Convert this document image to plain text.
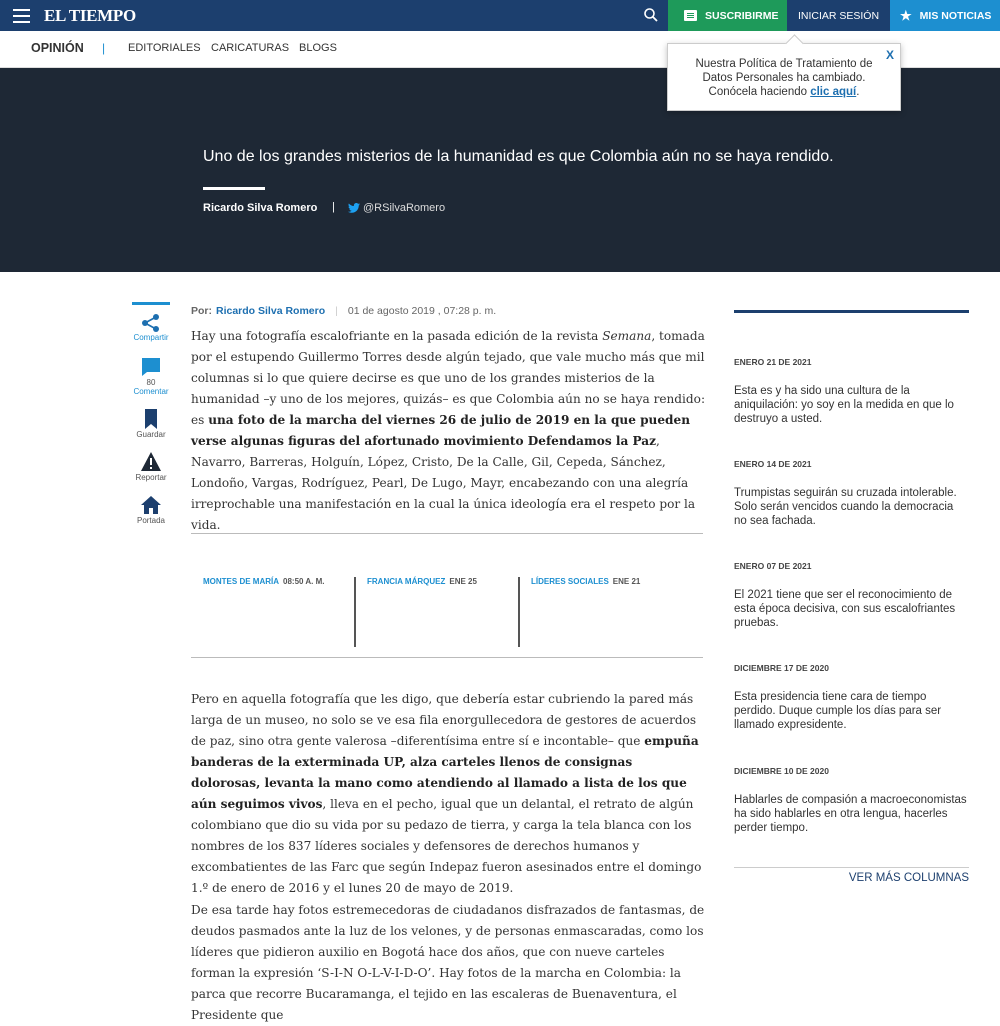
EL TIEMPO	SUSCRIBIRME	INICIAR SESIÓN	★ MIS NOTICIAS
OPINIÓN | EDITORIALES CARICATURAS BLOGS	X
Nuestra Política de Tratamiento de
Datos Personales ha cambiado.
Conócela haciendo clic aquí.
Uno de los grandes misterios de la humanidad es que Colombia aún no se haya rendido.
Ricardo Silva Romero |	@RSilvaRomero
Compartir
80
Comentar
Guardar
Reportar
Portada
Por: Ricardo Silva Romero | 01 de agosto 2019 , 07:28 p. m.

Hay una fotografía escalofriante en la pasada edición de la revista Semana, tomada por el estupendo Guillermo Torres desde algún tejado, que vale mucho más que mil columnas si lo que quiere decirse es que uno de los grandes misterios de la humanidad –y uno de los mejores, quizás– es que Colombia aún no se haya rendido: es una foto de la marcha del viernes 26 de julio de 2019 en la que pueden verse algunas figuras del afortunado movimiento Defendamos la Paz, Navarro, Barreras, Holguín, López, Cristo, De la Calle, Gil, Cepeda, Sánchez, Londoño, Vargas, Rodríguez, Pearl, De Lugo, Mayr, encabezando con una alegría irreprochable una manifestación en la cual la única ideología era el respeto por la vida.

MONTES DE MARÍA 08:50 A. M.	FRANCIA MÁRQUEZ ENE 25	LÍDERES SOCIALES ENE 21

Pero en aquella fotografía que les digo, que debería estar cubriendo la pared más larga de un museo, no solo se ve esa fila enorgullecedora de gestores de acuerdos de paz, sino otra gente valerosa –diferentísima entre sí e incontable– que empuña banderas de la exterminada UP, alza carteles llenos de consignas dolorosas, levanta la mano como atendiendo al llamado a lista de los que aún seguimos vivos, lleva en el pecho, igual que un delantal, el retrato de algún colombiano que dio su vida por su pedazo de tierra, y carga la tela blanca con los nombres de los 837 líderes sociales y defensores de derechos humanos y excombatientes de las Farc que según Indepaz fueron asesinados entre el domingo 1.º de enero de 2016 y el lunes 20 de mayo de 2019.

De esa tarde hay fotos estremecedoras de ciudadanos disfrazados de fantasmas, de deudos pasmados ante la luz de los velones, y de personas enmascaradas, como los líderes que pidieron auxilio en Bogotá hace dos años, que con nueve carteles forman la expresión ‘S-I-N O-L-V-I-D-O’. Hay fotos de la marcha en Colombia: la parca que recorre Bucaramanga, el tejido en las escaleras de Buenaventura, el Presidente que

ENERO 21 DE 2021
Esta es y ha sido una cultura de la aniquilación: yo soy en la medida en que lo destruyo a usted.
ENERO 14 DE 2021
Trumpistas seguirán su cruzada intolerable. Solo serán vencidos cuando la democracia no sea fachada.
ENERO 07 DE 2021
El 2021 tiene que ser el reconocimiento de esta época decisiva, con sus escalofriantes pruebas.
DICIEMBRE 17 DE 2020
Esta presidencia tiene cara de tiempo perdido. Duque cumple los días para ser llamado expresidente.
DICIEMBRE 10 DE 2020
Hablarles de compasión a macroeconomistas ha sido hablarles en otra lengua, hacerles perder tiempo.
VER MÁS COLUMNAS
